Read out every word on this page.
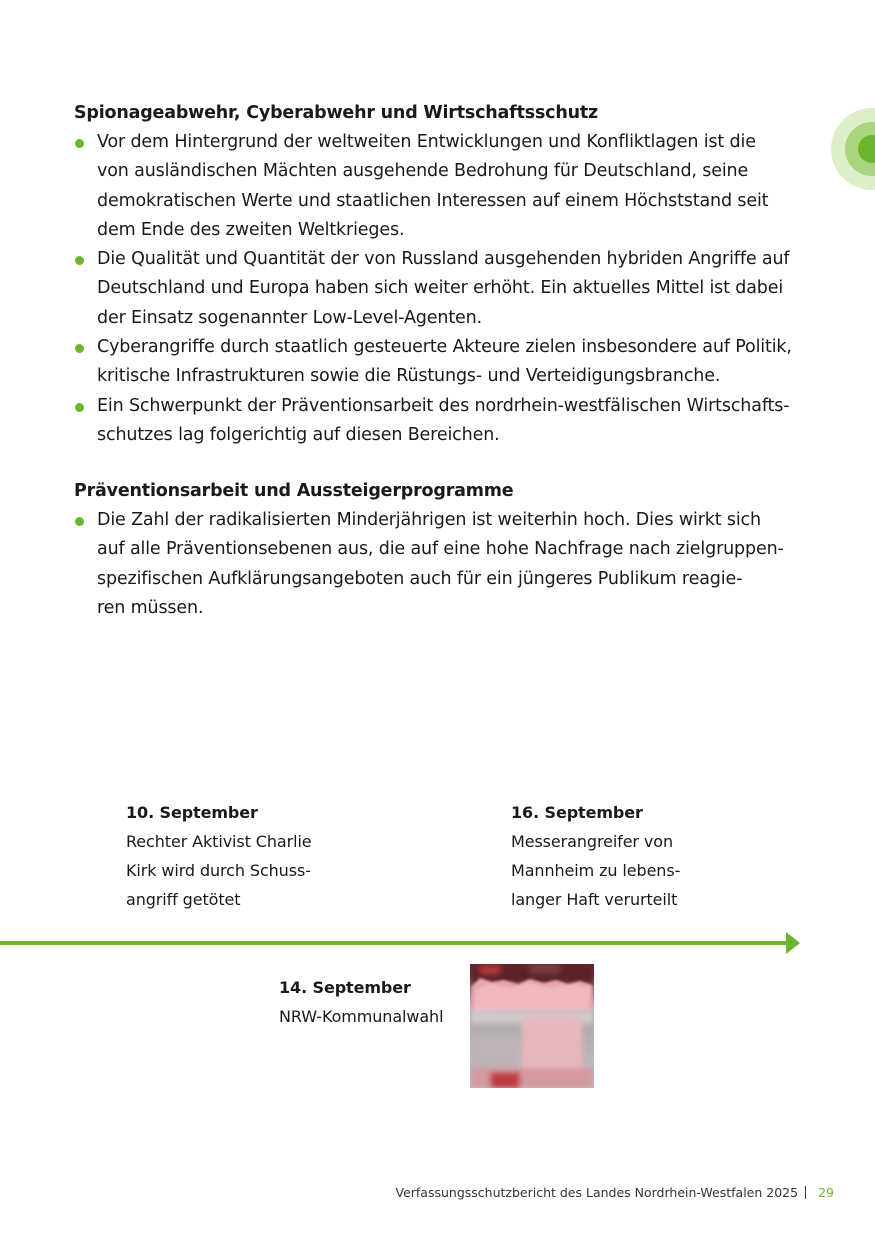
Spionageabwehr, Cyberabwehr und Wirtschaftsschutz
Vor dem Hintergrund der weltweiten Entwicklungen und Konfliktlagen ist die
von ausländischen Mächten ausgehende Bedrohung für Deutschland, seine
demokratischen Werte und staatlichen Interessen auf einem Höchststand seit
dem Ende des zweiten Weltkrieges.
Die Qualität und Quantität der von Russland ausgehenden hybriden Angriffe auf
Deutschland und Europa haben sich weiter erhöht. Ein aktuelles Mittel ist dabei
der Einsatz sogenannter Low-Level-Agenten.
Cyberangriffe durch staatlich gesteuerte Akteure zielen insbesondere auf Politik,
kritische Infrastrukturen sowie die Rüstungs- und Verteidigungsbranche.
Ein Schwerpunkt der Präventionsarbeit des nordrhein-westfälischen Wirtschafts-
schutzes lag folgerichtig auf diesen Bereichen.
Präventionsarbeit und Aussteigerprogramme
Die Zahl der radikalisierten Minderjährigen ist weiterhin hoch. Dies wirkt sich
auf alle Präventionsebenen aus, die auf eine hohe Nachfrage nach zielgruppen-
spezifischen Aufklärungsangeboten auch für ein jüngeres Publikum reagie-
ren müssen.
10. September
Rechter Aktivist Charlie
Kirk wird durch Schuss-
angriff getötet
16. September
Messerangreifer von
Mannheim zu lebens-
langer Haft verurteilt
14. September
NRW-Kommunalwahl
Verfassungsschutzbericht des Landes Nordrhein-Westfalen 2025 29
